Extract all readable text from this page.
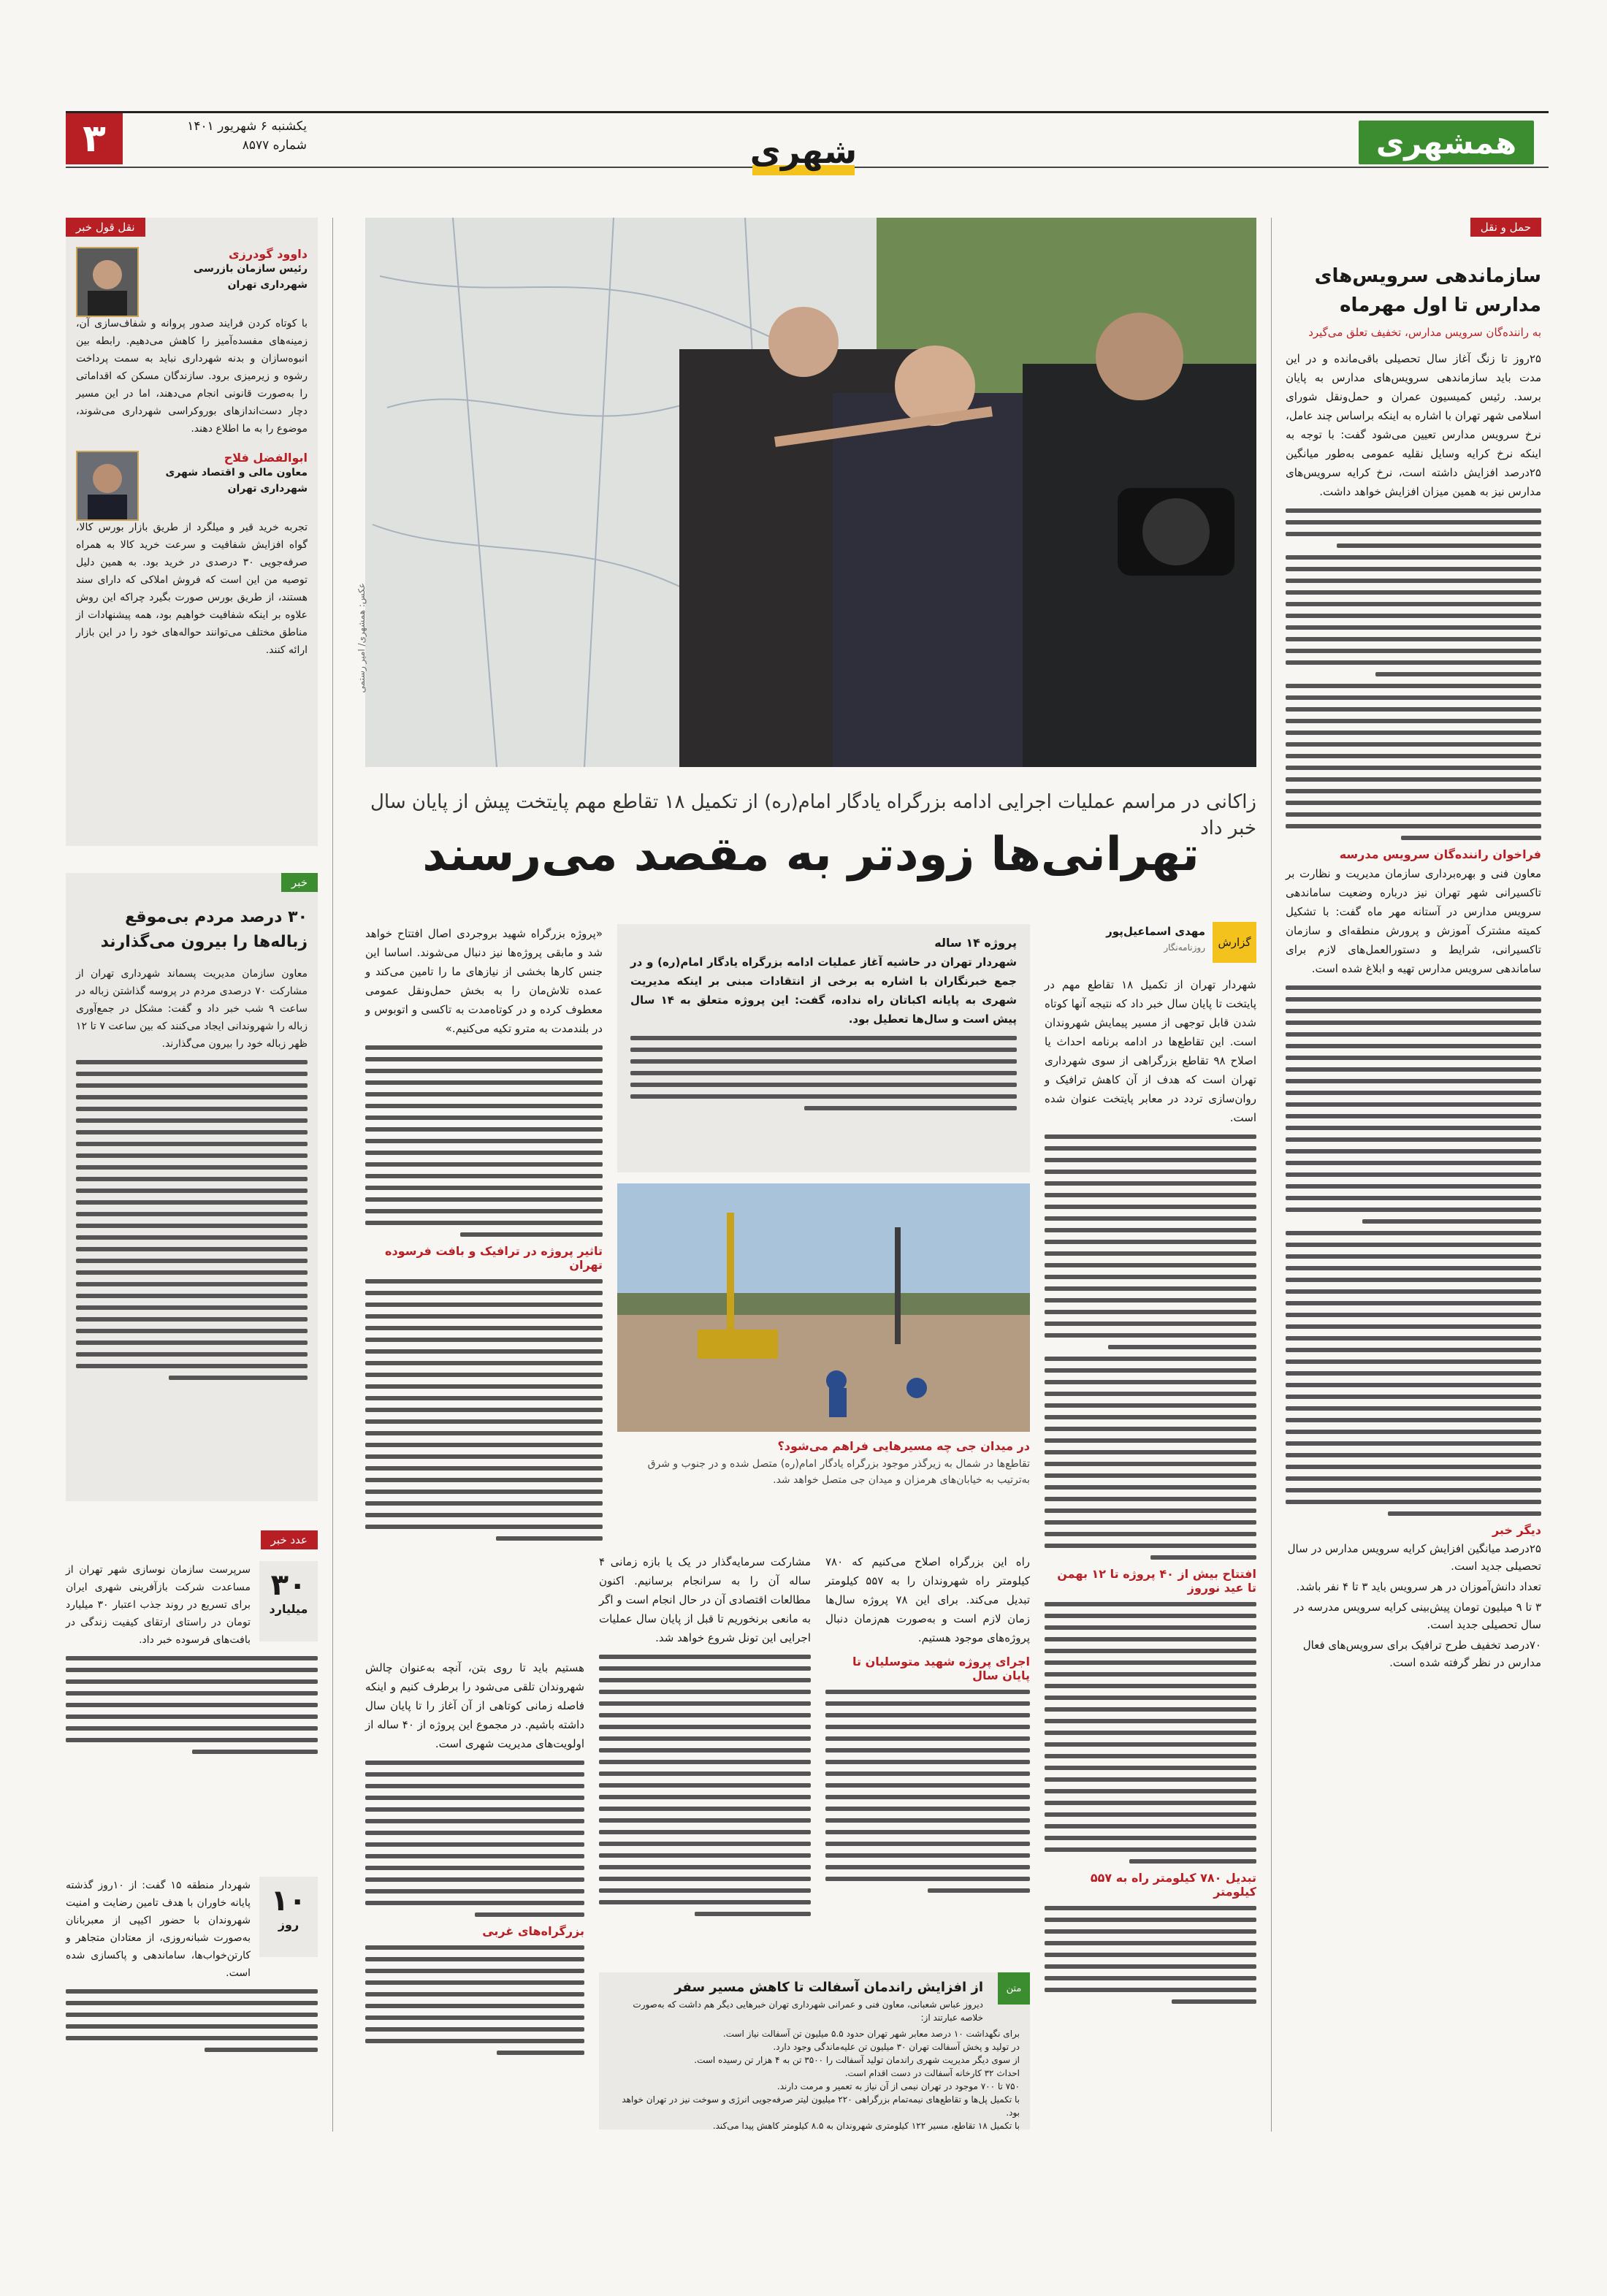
۳	یکشنبه ۶ شهریور ۱۴۰۱
شماره ۸۵۷۷	شهری	همشهری
حمل و نقل
سازماندهی سرویس‌های مدارس تا اول مهرماه
به راننده‌گان سرویس مدارس، تخفیف تعلق می‌گیرد
۲۵روز تا زنگ آغاز سال تحصیلی باقی‌مانده و در این مدت باید سازماندهی سرویس‌های مدارس به پایان برسد. رئیس کمیسیون عمران و حمل‌ونقل شورای اسلامی شهر تهران با اشاره به اینکه براساس چند عامل، نرخ سرویس مدارس تعیین می‌شود گفت: با توجه به اینکه نرخ کرایه وسایل نقلیه عمومی به‌طور میانگین ۲۵درصد افزایش داشته است، نرخ کرایه سرویس‌های مدارس نیز به همین میزان افزایش خواهد داشت.
فراخوان راننده‌گان سرویس مدرسه
معاون فنی و بهره‌برداری سازمان مدیریت و نظارت بر تاکسیرانی شهر تهران نیز درباره وضعیت ساماندهی سرویس مدارس در آستانه مهر ماه گفت: با تشکیل کمیته مشترک آموزش و پرورش منطقه‌ای و سازمان تاکسیرانی، شرایط و دستورالعمل‌های لازم برای ساماندهی سرویس مدارس تهیه و ابلاغ شده است.
دیگر خبر
۲۵درصد میانگین افزایش کرایه سرویس مدارس در سال تحصیلی جدید است.
تعداد دانش‌آموزان در هر سرویس باید ۳ تا ۴ نفر باشد.
۳ تا ۹ میلیون تومان پیش‌بینی کرایه سرویس مدرسه در سال تحصیلی جدید است.
۷۰درصد تخفیف طرح ترافیک برای سرویس‌های فعال مدارس در نظر گرفته شده است.
عکس: همشهری/ امیر رستمی
زاکانی در مراسم عملیات اجرایی ادامه بزرگراه یادگار امام(ره) از تکمیل ۱۸ تقاطع مهم پایتخت پیش از پایان سال خبر داد
تهرانی‌ها زودتر به مقصد می‌رسند
گزارش
مهدی اسماعیل‌پور
روزنامه‌نگار
شهردار تهران از تکمیل ۱۸ تقاطع مهم در پایتخت تا پایان سال خبر داد که نتیجه آنها کوتاه شدن قابل توجهی از مسیر پیمایش شهروندان است. این تقاطع‌ها در ادامه برنامه احداث یا اصلاح ۹۸ تقاطع بزرگراهی از سوی شهرداری تهران است که هدف از آن کاهش ترافیک و روان‌سازی تردد در معابر پایتخت عنوان شده است.
افتتاح بیش از ۴۰ پروژه تا ۱۲ بهمن تا عید نوروز
تبدیل ۷۸۰ کیلومتر راه به ۵۵۷ کیلومتر
پروژه ۱۴ ساله
شهردار تهران در حاشیه آغاز عملیات ادامه بزرگراه یادگار امام(ره) و در جمع خبرنگاران با اشاره به برخی از انتقادات مبنی بر اینکه مدیریت شهری به پایانه اکباتان راه نداده، گفت: این پروژه متعلق به ۱۴ سال پیش است و سال‌ها تعطیل بود.
در میدان جی چه مسیرهایی فراهم می‌شود؟
تقاطع‌ها در شمال به زیرگذر موجود بزرگراه یادگار امام(ره) متصل شده و در جنوب و شرق به‌ترتیب به خیابان‌های هرمزان و میدان جی متصل خواهد شد.
«پروژه بزرگراه شهید بروجردی اصال افتتاح خواهد شد و مابقی پروژه‌ها نیز دنبال می‌شوند. اساسا این جنس کارها بخشی از نیازهای ما را تامین می‌کند و عمده تلاش‌مان را به بخش حمل‌ونقل عمومی معطوف کرده و در کوتاه‌مدت به تاکسی و اتوبوس و در بلندمدت به مترو تکیه می‌کنیم.»
تاثیر پروژه در ترافیک و بافت فرسوده تهران
راه این بزرگراه اصلاح می‌کنیم که ۷۸۰ کیلومتر راه شهروندان را به ۵۵۷ کیلومتر تبدیل می‌کند. برای این ۷۸ پروژه سال‌ها زمان لازم است و به‌صورت هم‌زمان دنبال پروژه‌های موجود هستیم.
اجرای پروژه شهید متوسلیان تا پایان سال
مشارکت سرمایه‌گذار در یک یا بازه زمانی ۴ ساله آن را به سرانجام برسانیم. اکنون مطالعات اقتصادی آن در حال انجام است و اگر به مانعی برنخوریم تا قبل از پایان سال عملیات اجرایی این تونل شروع خواهد شد.
هستیم باید تا روی بتن، آنچه به‌عنوان چالش شهروندان تلقی می‌شود را برطرف کنیم و اینکه فاصله زمانی کوتاهی از آن آغاز را تا پایان سال داشته باشیم. در مجموع این پروژه از ۴۰ ساله از اولویت‌های مدیریت شهری است.
بزرگراه‌های غربی
متن
از افزایش راندمان آسفالت تا کاهش مسیر سفر
دیروز عباس شعبانی، معاون فنی و عمرانی شهرداری تهران خبرهایی دیگر هم داشت که به‌صورت خلاصه عبارتند از:
برای نگهداشت ۱۰ درصد معابر شهر تهران حدود ۵.۵ میلیون تن آسفالت نیاز است.
در تولید و پخش آسفالت تهران ۳۰ میلیون تن علیه‌ماندگی وجود دارد.
از سوی دیگر مدیریت شهری راندمان تولید آسفالت را ۳۵۰۰ تن به ۴ هزار تن رسیده است.
احداث ۳۲ کارخانه آسفالت در دست اقدام است.
۷۵۰ تا ۷۰۰ موجود در تهران نیمی از آن نیاز به تعمیر و مرمت دارند.
با تکمیل پل‌ها و تقاطع‌های نیمه‌تمام بزرگراهی ۲۲۰ میلیون لیتر صرفه‌جویی انرژی و سوخت نیز در تهران خواهد بود.
با تکمیل ۱۸ تقاطع، مسیر ۱۲۲ کیلومتری شهروندان به ۸.۵ کیلومتر کاهش پیدا می‌کند.
نقل قول خبر
داوود گودرزی
رئیس سازمان بازرسی شهرداری تهران
با کوتاه کردن فرایند صدور پروانه و شفاف‌سازی آن، زمینه‌های مفسده‌آمیز را کاهش می‌دهیم. رابطه بین انبوه‌سازان و بدنه شهرداری نباید به سمت پرداخت رشوه و زیرمیزی برود. سازندگان مسکن که اقداماتی را به‌صورت قانونی انجام می‌دهند، اما در این مسیر دچار دست‌اندازهای بوروکراسی شهرداری می‌شوند، موضوع را به ما اطلاع دهند.
ابوالفضل فلاح
معاون مالی و اقتصاد شهری شهرداری تهران
تجربه خرید قیر و میلگرد از طریق بازار بورس کالا، گواه افزایش شفافیت و سرعت خرید کالا به همراه صرفه‌جویی ۳۰ درصدی در خرید بود. به همین دلیل توصیه من این است که فروش املاکی که دارای سند هستند، از طریق بورس صورت بگیرد چراکه این روش علاوه بر اینکه شفافیت خواهیم بود، همه پیشنهادات از مناطق مختلف می‌توانند حواله‌های خود را در این بازار ارائه کنند.
خبر
۳۰ درصد مردم بی‌موقع زباله‌ها را بیرون می‌گذارند
معاون سازمان مدیریت پسماند شهرداری تهران از مشارکت ۷۰ درصدی مردم در پروسه گذاشتن زباله در ساعت ۹ شب خبر داد و گفت: مشکل در جمع‌آوری زباله را شهروندانی ایجاد می‌کنند که بین ساعت ۷ تا ۱۲ ظهر زباله خود را بیرون می‌گذارند.
عدد خبر
۳۰
میلیارد
سرپرست سازمان نوسازی شهر تهران از مساعدت شرکت بازآفرینی شهری ایران برای تسریع در روند جذب اعتبار ۳۰ میلیارد تومان در راستای ارتقای کیفیت زندگی در بافت‌های فرسوده خبر داد.
۱۰
روز
شهردار منطقه ۱۵ گفت: از ۱۰روز گذشته پایانه خاوران با هدف تامین رضایت و امنیت شهروندان با حضور اکیپی از معبربانان به‌صورت شبانه‌روزی، از معتادان متجاهر و کارتن‌خواب‌ها، ساماندهی و پاکسازی شده است.
